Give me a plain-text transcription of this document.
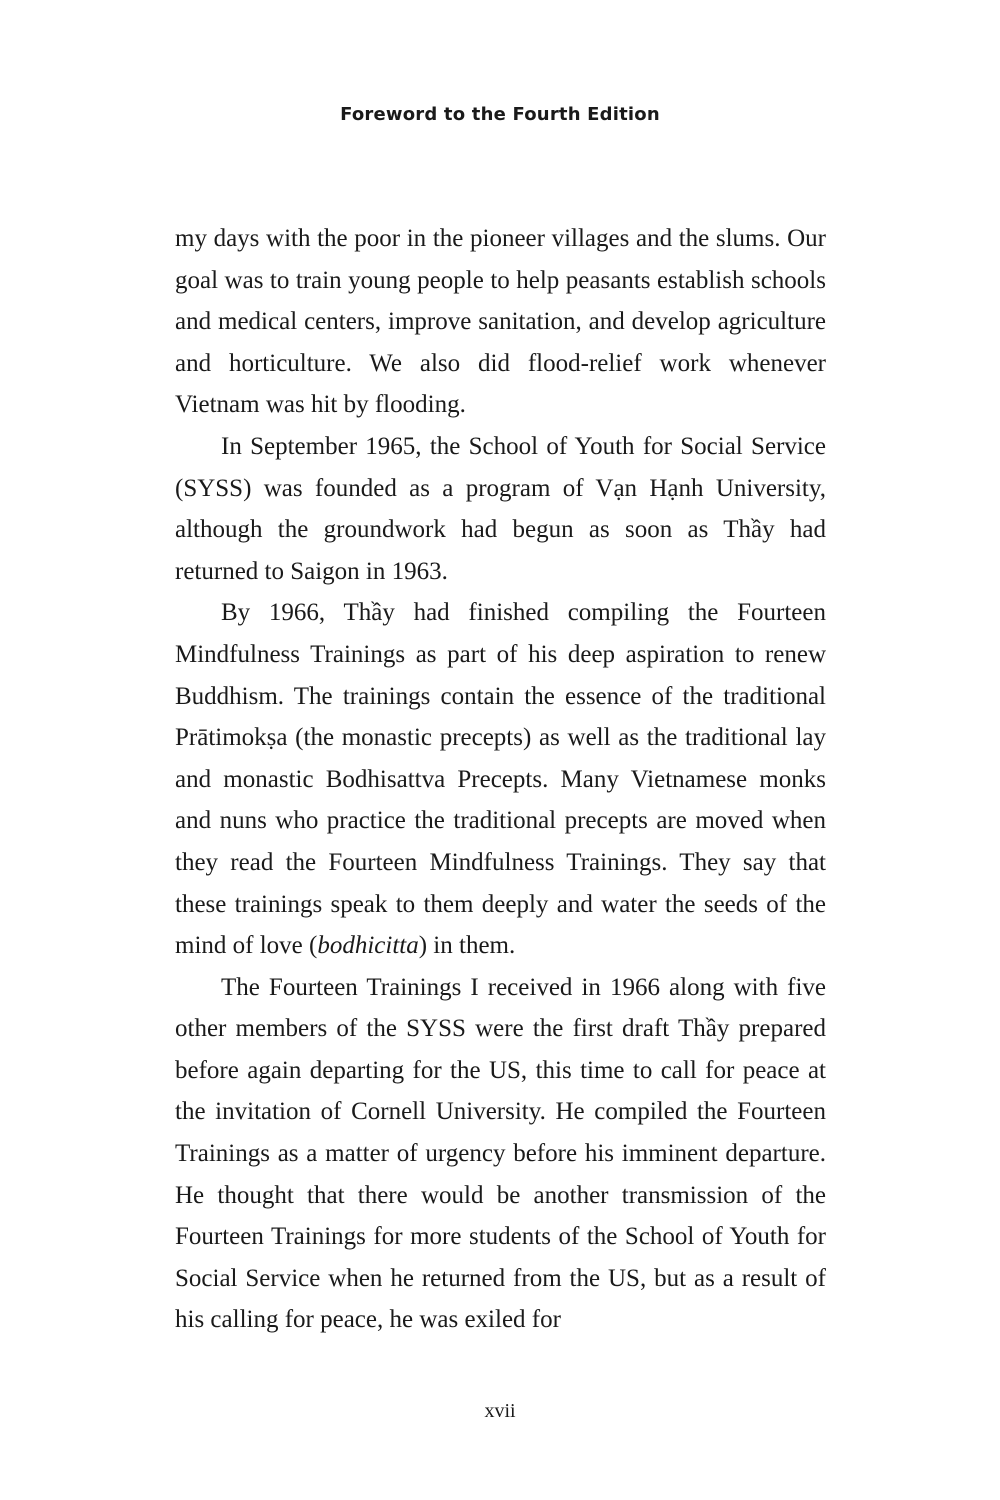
Foreword to the Fourth Edition

my days with the poor in the pioneer villages and the slums. Our goal was to train young people to help peasants establish schools and medical centers, improve sanitation, and develop agriculture and horticulture. We also did flood-relief work whenever Vietnam was hit by flooding.

In September 1965, the School of Youth for Social Service (SYSS) was founded as a program of Vạn Hạnh University, although the groundwork had begun as soon as Thầy had returned to Saigon in 1963.

By 1966, Thầy had finished compiling the Fourteen Mindfulness Trainings as part of his deep aspiration to renew Buddhism. The trainings contain the essence of the traditional Prātimokṣa (the monastic precepts) as well as the traditional lay and monastic Bodhisattva Precepts. Many Vietnamese monks and nuns who practice the traditional precepts are moved when they read the Fourteen Mindfulness Trainings. They say that these trainings speak to them deeply and water the seeds of the mind of love (bodhicitta) in them.

The Fourteen Trainings I received in 1966 along with five other members of the SYSS were the first draft Thầy prepared before again departing for the US, this time to call for peace at the invitation of Cornell University. He compiled the Fourteen Trainings as a matter of urgency before his imminent departure. He thought that there would be another transmission of the Fourteen Trainings for more students of the School of Youth for Social Service when he returned from the US, but as a result of his calling for peace, he was exiled for

xvii
